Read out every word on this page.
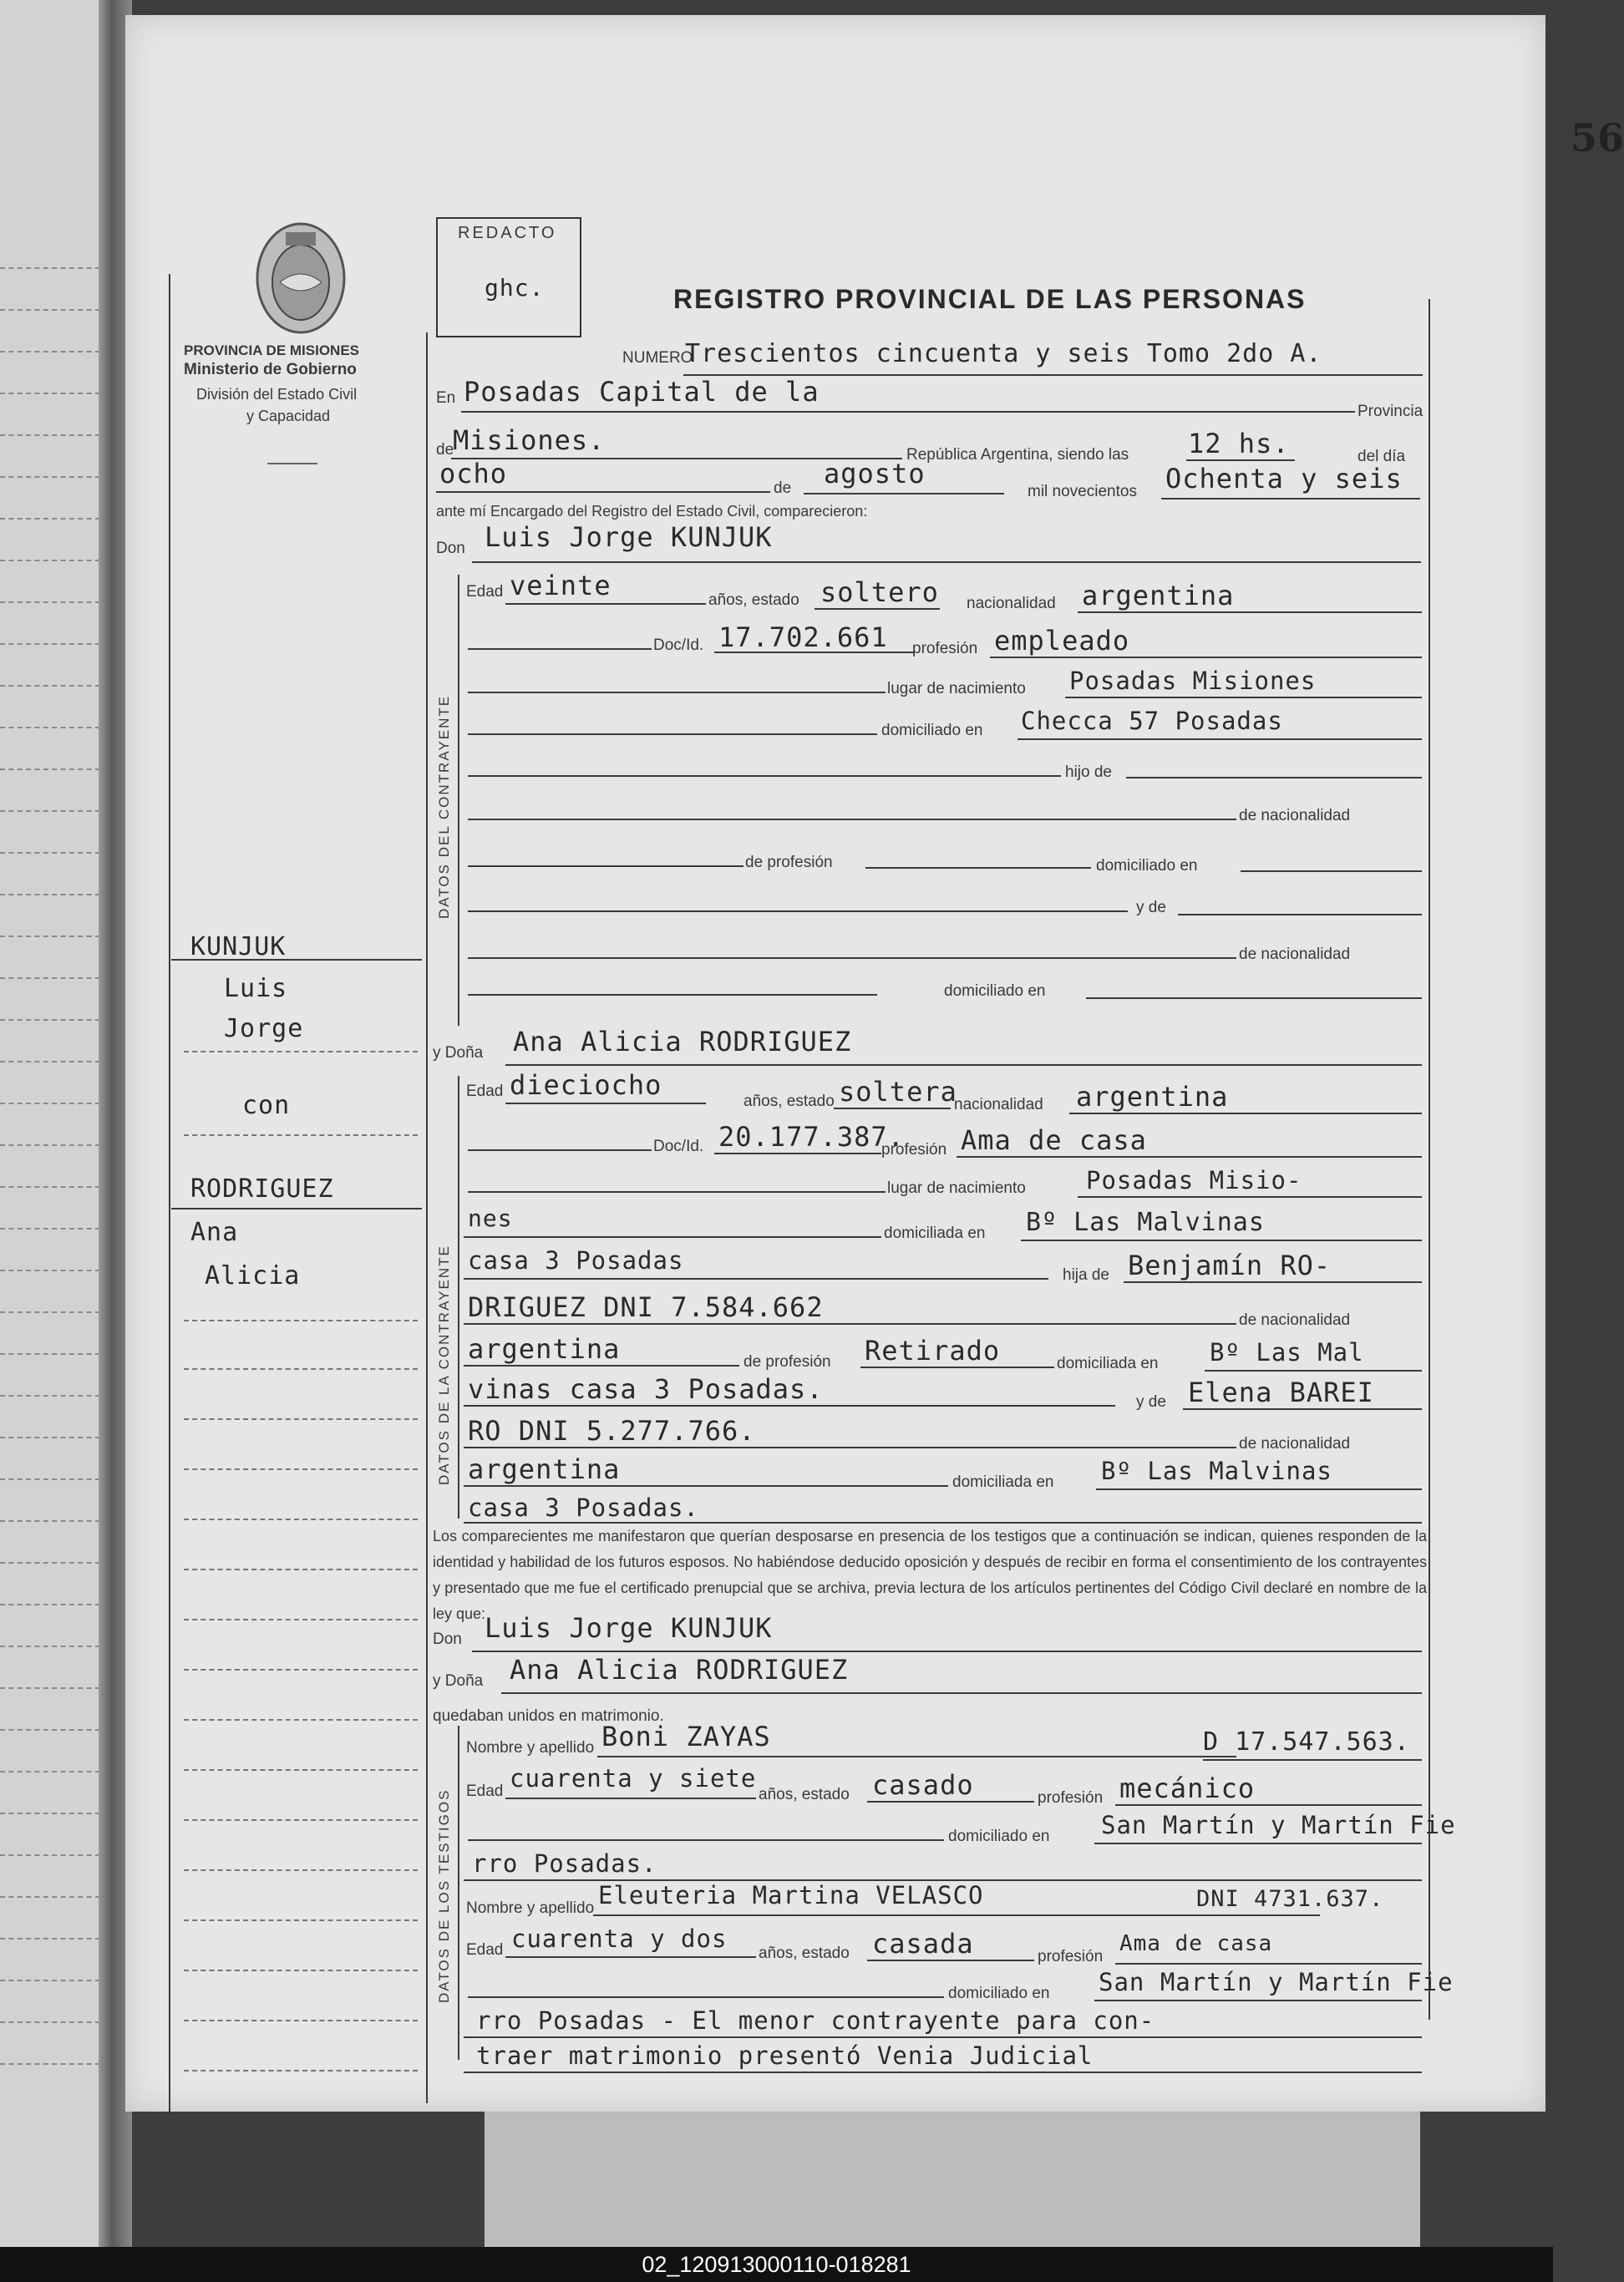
56
PROVINCIA DE MISIONES
Ministerio de Gobierno
División del Estado Civil
y Capacidad
REDACTO
ghc.	REGISTRO PROVINCIAL DE LAS PERSONAS
NUMERO
Trescientos cincuenta y seis Tomo 2do A.
En Posadas Capital de la
Provincia
de
Misiones.	República Argentina, siendo las 12 hs.	del día
ocho	de agosto
mil novecientos Ochenta y seis
ante mí Encargado del Registro del Estado Civil, comparecieron:
Don Luis Jorge KUNJUK
DATOS DEL CONTRAYENTE
Edad veinte	años, estado soltero nacionalidad argentina
Doc/Id. 17.702.661 profesión empleado
lugar de nacimiento Posadas Misiones
domiciliado en Checca 57 Posadas
hijo de
de nacionalidad
de profesión	domiciliado en
y de
de nacionalidad
domiciliado en
y Doña Ana Alicia RODRIGUEZ
DATOS DE LA CONTRAYENTE
Edad dieciocho
años, estado soltera
nacionalidad argentina
Doc/Id. 20.177.387.
profesión Ama de casa
lugar de nacimiento Posadas Misio-
nes
domiciliada en Bº Las Malvinas
casa 3 Posadas
hija de Benjamín RO-
DRIGUEZ DNI 7.584.662	de nacionalidad
argentina	de profesión Retirado	domiciliada en Bº Las Mal
vinas casa 3 Posadas.	y de Elena BAREI
RO DNI 5.277.766.	de nacionalidad
argentina	domiciliada en Bº Las Malvinas
casa 3 Posadas.
Los comparecientes me manifestaron que querían desposarse en presencia de los testigos que a continuación se indican, quienes responden de la identidad y habilidad de los futuros esposos. No habiéndose deducido oposición y después de recibir en forma el consentimiento de los contrayentes y presentado que me fue el certificado prenupcial que se archiva, previa lectura de los artículos pertinentes del Código Civil declaré en nombre de la ley que:
Don Luis Jorge KUNJUK
y Doña Ana Alicia RODRIGUEZ
quedaban unidos en matrimonio.
DATOS DE LOS TESTIGOS
Nombre y apellido Boni ZAYAS	D 17.547.563.
Edad cuarenta y siete
años, estado casado	profesión mecánico
domiciliado en San Martín y Martín Fie
rro Posadas.
Nombre y apellido Eleuteria Martina VELASCO	DNI 4731.637.
Edad cuarenta y dos
años, estado casada	profesión
Ama de casa
domiciliado en San Martín y Martín Fie
rro Posadas - El menor contrayente para con-
traer matrimonio presentó Venia Judicial
KUNJUK
Luis
Jorge
con
RODRIGUEZ
Ana
Alicia
02_120913000110-018281
